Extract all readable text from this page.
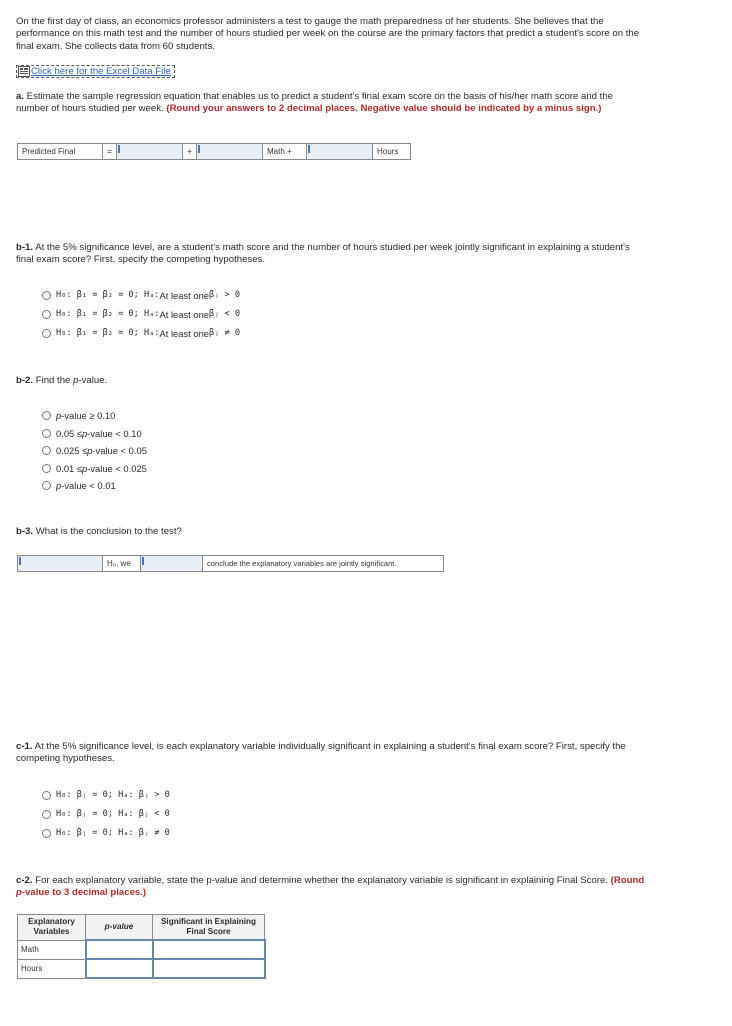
On the first day of class, an economics professor administers a test to gauge the math preparedness of her students. She believes that the performance on this math test and the number of hours studied per week on the course are the primary factors that predict a student's score on the final exam. She collects data from 60 students.
Click here for the Excel Data File
a. Estimate the sample regression equation that enables us to predict a student's final exam score on the basis of his/her math score and the number of hours studied per week. (Round your answers to 2 decimal places. Negative value should be indicated by a minus sign.)
Predicted Final	=	+	Math +	Hours
b-1. At the 5% significance level, are a student's math score and the number of hours studied per week jointly significant in explaining a student's final exam score? First, specify the competing hypotheses.
H₀: β₁ = β₂ = 0; Hₐ: At least one βⱼ > 0
H₀: β₁ = β₂ = 0; Hₐ: At least one βⱼ < 0
H₀: β₁ = β₂ = 0; Hₐ: At least one βⱼ ≠ 0
b-2. Find the p-value.
p -value ≥ 0.10
0.05 ≤ p -value < 0.10
0.025 ≤ p -value < 0.05
0.01 ≤ p -value < 0.025
p -value < 0.01
b-3. What is the conclusion to the test?
H₀, we	conclude the explanatory variables are jointly significant.
c-1. At the 5% significance level, is each explanatory variable individually significant in explaining a student's final exam score? First, specify the competing hypotheses.
H₀: βⱼ = 0; Hₐ: βⱼ > 0
H₀: βⱼ = 0; Hₐ: βⱼ < 0
H₀: βⱼ = 0; Hₐ: βⱼ ≠ 0
c-2. For each explanatory variable, state the p-value and determine whether the explanatory variable is significant in explaining Final Score. (Round p-value to 3 decimal places.)
Explanatory Variables	p-value	Significant in Explaining Final Score
Math		
Hours		
